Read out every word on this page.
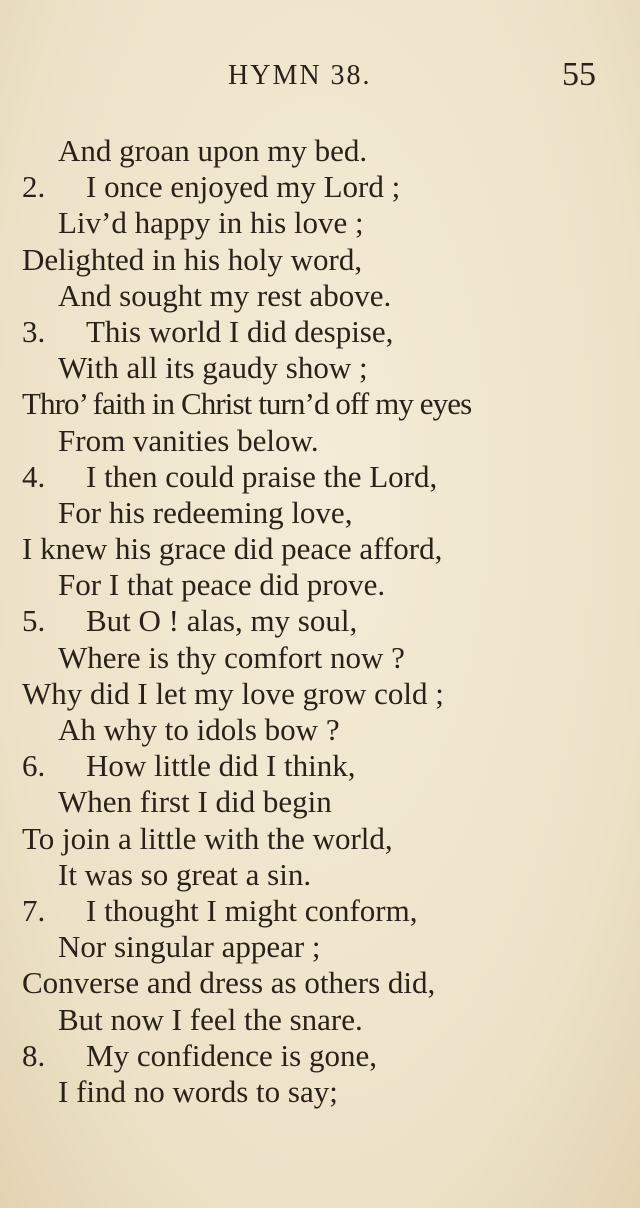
HYMN 38.	55
And groan upon my bed.
2. I once enjoyed my Lord ;
Liv’d happy in his love ;
Delighted in his holy word,
And sought my rest above.
3. This world I did despise,
With all its gaudy show ;
Thro’ faith in Christ turn’d off my eyes
From vanities below.
4. I then could praise the Lord,
For his redeeming love,
I knew his grace did peace afford,
For I that peace did prove.
5. But O ! alas, my soul,
Where is thy comfort now ?
Why did I let my love grow cold ;
Ah why to idols bow ?
6. How little did I think,
When first I did begin
To join a little with the world,
It was so great a sin.
7. I thought I might conform,
Nor singular appear ;
Converse and dress as others did,
But now I feel the snare.
8. My confidence is gone,
I find no words to say;
